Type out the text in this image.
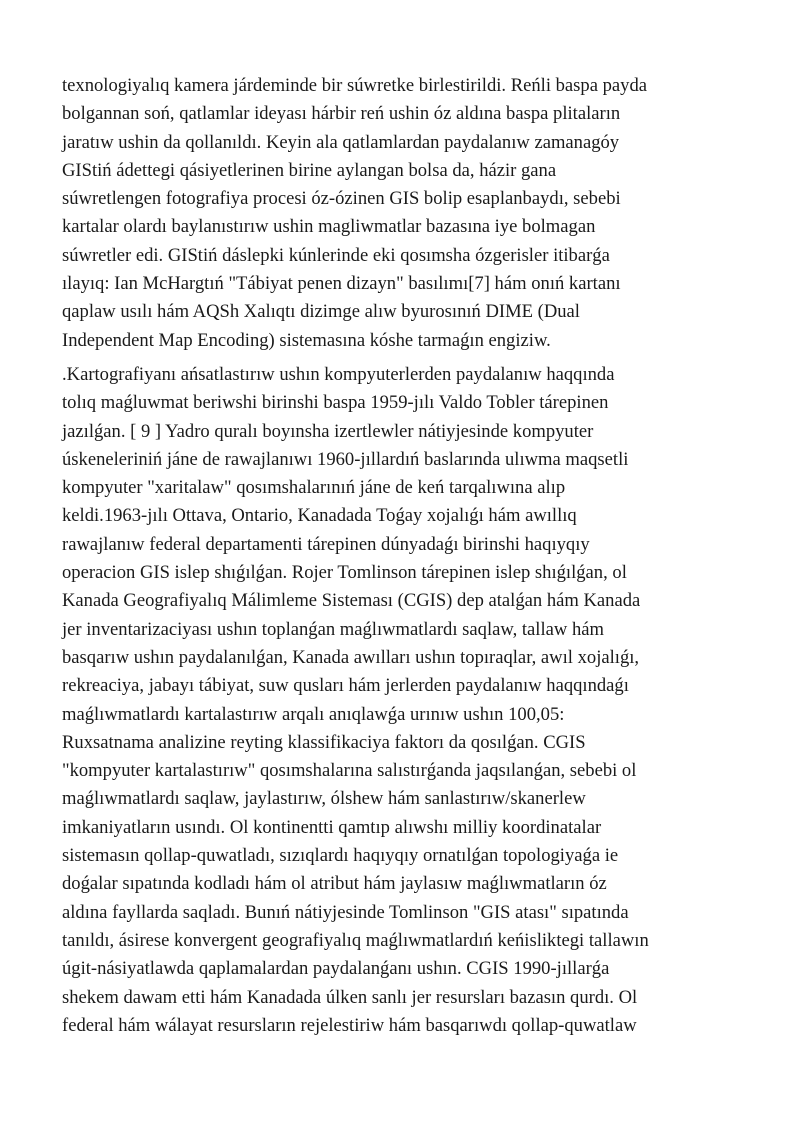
texnologiyalıq kamera járdeminde bir súwretke birlestirildi. Reńli baspa payda
bolgannan soń, qatlamlar ideyası hárbir reń ushin óz aldına baspa plitaların
jaratıw ushin da qollanıldı. Keyin ala qatlamlardan paydalanıw zamanagóy
GIStiń ádettegi qásiyetlerinen birine aylangan bolsa da, házir gana
súwretlengen fotografiya procesi óz-ózinen GIS bolip esaplanbaydı, sebebi
kartalar olardı baylanıstırıw ushin magliwmatlar bazasına iye bolmagan
súwretler edi. GIStiń dáslepki kúnlerinde eki qosımsha ózgerisler itibarǵa
ılayıq: Ian McHargtıń "Tábiyat penen dizayn" basılımı[7] hám onıń kartanı
qaplaw usılı hám AQSh Xalıqtı dizimge alıw byurosınıń DIME (Dual
Independent Map Encoding) sistemasına kóshe tarmaǵın engiziw.

.Kartografiyanı ańsatlastırıw ushın kompyuterlerden paydalanıw haqqında
tolıq maǵluwmat beriwshi birinshi baspa 1959-jılı Valdo Tobler tárepinen
jazılǵan. [ 9 ] Yadro quralı boyınsha izertlewler nátiyjesinde kompyuter
úskeneleriniń jáne de rawajlanıwı 1960-jıllardıń baslarında ulıwma maqsetli
kompyuter "xaritalaw" qosımshalarınıń jáne de keń tarqalıwına alıp
keldi.1963-jılı Ottava, Ontario, Kanadada Toǵay xojalıǵı hám awıllıq
rawajlanıw federal departamenti tárepinen dúnyadaǵı birinshi haqıyqıy
operacion GIS islep shıǵılǵan. Rojer Tomlinson tárepinen islep shıǵılǵan, ol
Kanada Geografiyalıq Málimleme Sisteması (CGIS) dep atalǵan hám Kanada
jer inventarizaciyası ushın toplanǵan maǵlıwmatlardı saqlaw, tallaw hám
basqarıw ushın paydalanılǵan, Kanada awılları ushın topıraqlar, awıl xojalıǵı,
rekreaciya, jabayı tábiyat, suw qusları hám jerlerden paydalanıw haqqındaǵı
maǵlıwmatlardı kartalastırıw arqalı anıqlawǵa urınıw ushın 100,05:
Ruxsatnama analizine reyting klassifikaciya faktorı da qosılǵan. CGIS
"kompyuter kartalastırıw" qosımshalarına salıstırǵanda jaqsılanǵan, sebebi ol
maǵlıwmatlardı saqlaw, jaylastırıw, ólshew hám sanlastırıw/skanerlew
imkaniyatların usındı. Ol kontinentti qamtıp alıwshı milliy koordinatalar
sistemasın qollap-quwatladı, sızıqlardı haqıyqıy ornatılǵan topologiyaǵa ie
doǵalar sıpatında kodladı hám ol atribut hám jaylasıw maǵlıwmatların óz
aldına fayllarda saqladı. Bunıń nátiyjesinde Tomlinson "GIS atası" sıpatında
tanıldı, ásirese konvergent geografiyalıq maǵlıwmatlardıń keńisliktegi tallawın
úgit-násiyatlawda qaplamalardan paydalanǵanı ushın. CGIS 1990-jıllarǵa
shekem dawam etti hám Kanadada úlken sanlı jer resursları bazasın qurdı. Ol
federal hám wálayat resursların rejelestiriw hám basqarıwdı qollap-quwatlaw
